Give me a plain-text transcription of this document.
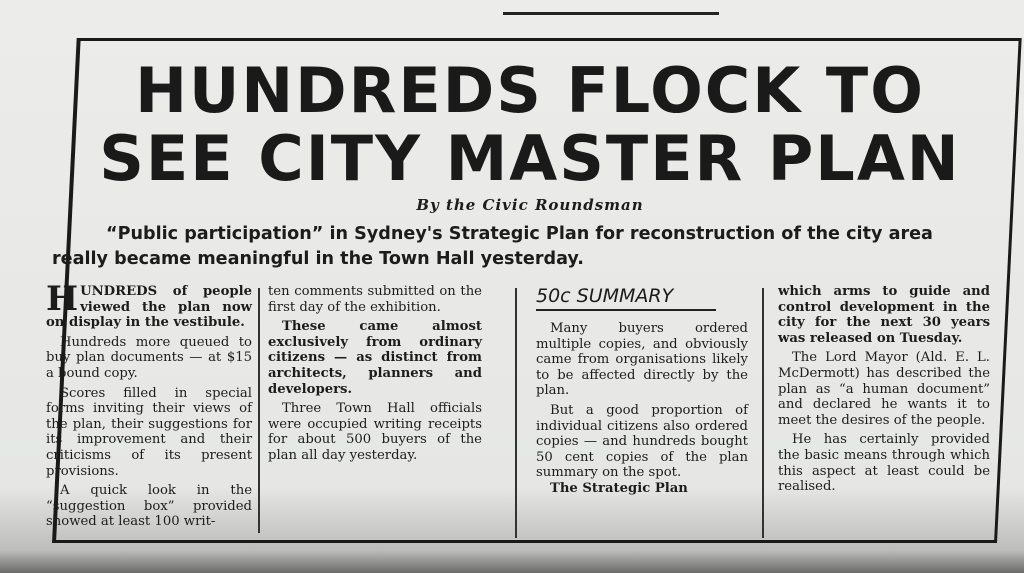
HUNDREDS FLOCK TO
SEE CITY MASTER PLAN
By the Civic Roundsman
“Public participation” in Sydney's Strategic Plan for reconstruction of the city area really became meaningful in the Town Hall yesterday.

HUNDREDS of people viewed the plan now on display in the vestibule.

Hundreds more queued to buy plan documents — at $15 a bound copy.

Scores filled in special forms inviting their views of the plan, their suggestions for its improvement and their criticisms of its present provisions.

A quick look in the “suggestion box” provided showed at least 100 writ-

ten comments submitted on the first day of the exhibition.

These came almost exclusively from ordinary citizens — as distinct from architects, planners and developers.

Three Town Hall officials were occupied writing receipts for about 500 buyers of the plan all day yesterday.

50c SUMMARY

Many buyers ordered multiple copies, and obviously came from organisations likely to be affected directly by the plan.

But a good proportion of individual citizens also ordered copies — and hundreds bought 50 cent copies of the plan summary on the spot.

The Strategic Plan

which arms to guide and control development in the city for the next 30 years was released on Tuesday.

The Lord Mayor (Ald. E. L. McDermott) has described the plan as “a human document” and declared he wants it to meet the desires of the people.

He has certainly provided the basic means through which this aspect at least could be realised.
